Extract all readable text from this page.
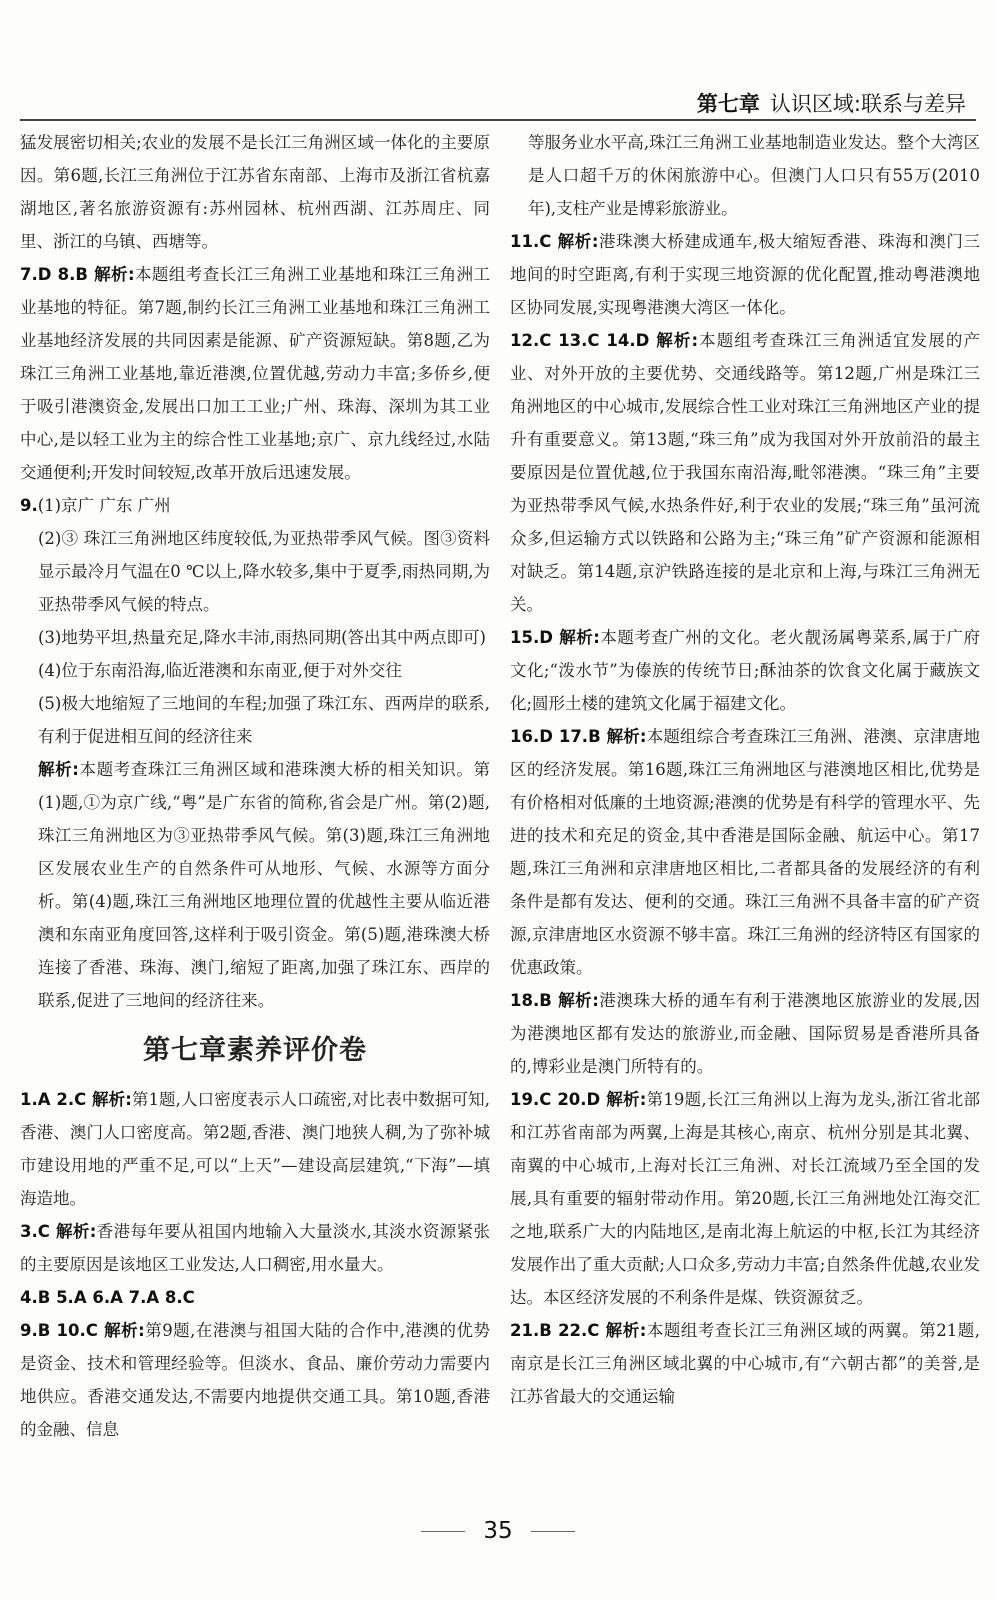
第七章 认识区域:联系与差异

猛发展密切相关;农业的发展不是长江三角洲区域一体化的主要原因。第6题,长江三角洲位于江苏省东南部、上海市及浙江省杭嘉湖地区,著名旅游资源有:苏州园林、杭州西湖、江苏周庄、同里、浙江的乌镇、西塘等。

7.D 8.B 解析:本题组考查长江三角洲工业基地和珠江三角洲工业基地的特征。第7题,制约长江三角洲工业基地和珠江三角洲工业基地经济发展的共同因素是能源、矿产资源短缺。第8题,乙为珠江三角洲工业基地,靠近港澳,位置优越,劳动力丰富;多侨乡,便于吸引港澳资金,发展出口加工工业;广州、珠海、深圳为其工业中心,是以轻工业为主的综合性工业基地;京广、京九线经过,水陆交通便利;开发时间较短,改革开放后迅速发展。

9.(1)京广 广东 广州

(2)③ 珠江三角洲地区纬度较低,为亚热带季风气候。图③资料显示最冷月气温在0 ℃以上,降水较多,集中于夏季,雨热同期,为亚热带季风气候的特点。

(3)地势平坦,热量充足,降水丰沛,雨热同期(答出其中两点即可)

(4)位于东南沿海,临近港澳和东南亚,便于对外交往

(5)极大地缩短了三地间的车程;加强了珠江东、西两岸的联系,有利于促进相互间的经济往来

解析:本题考查珠江三角洲区域和港珠澳大桥的相关知识。第(1)题,①为京广线,“粤”是广东省的简称,省会是广州。第(2)题,珠江三角洲地区为③亚热带季风气候。第(3)题,珠江三角洲地区发展农业生产的自然条件可从地形、气候、水源等方面分析。第(4)题,珠江三角洲地区地理位置的优越性主要从临近港澳和东南亚角度回答,这样利于吸引资金。第(5)题,港珠澳大桥连接了香港、珠海、澳门,缩短了距离,加强了珠江东、西岸的联系,促进了三地间的经济往来。

第七章素养评价卷

1.A 2.C 解析:第1题,人口密度表示人口疏密,对比表中数据可知,香港、澳门人口密度高。第2题,香港、澳门地狭人稠,为了弥补城市建设用地的严重不足,可以“上天”—建设高层建筑,“下海”—填海造地。

3.C 解析:香港每年要从祖国内地输入大量淡水,其淡水资源紧张的主要原因是该地区工业发达,人口稠密,用水量大。

4.B 5.A 6.A 7.A 8.C

9.B 10.C 解析:第9题,在港澳与祖国大陆的合作中,港澳的优势是资金、技术和管理经验等。但淡水、食品、廉价劳动力需要内地供应。香港交通发达,不需要内地提供交通工具。第10题,香港的金融、信息

等服务业水平高,珠江三角洲工业基地制造业发达。整个大湾区是人口超千万的休闲旅游中心。但澳门人口只有55万(2010年),支柱产业是博彩旅游业。

11.C 解析:港珠澳大桥建成通车,极大缩短香港、珠海和澳门三地间的时空距离,有利于实现三地资源的优化配置,推动粤港澳地区协同发展,实现粤港澳大湾区一体化。

12.C 13.C 14.D 解析:本题组考查珠江三角洲适宜发展的产业、对外开放的主要优势、交通线路等。第12题,广州是珠江三角洲地区的中心城市,发展综合性工业对珠江三角洲地区产业的提升有重要意义。第13题,“珠三角”成为我国对外开放前沿的最主要原因是位置优越,位于我国东南沿海,毗邻港澳。“珠三角”主要为亚热带季风气候,水热条件好,利于农业的发展;“珠三角”虽河流众多,但运输方式以铁路和公路为主;“珠三角”矿产资源和能源相对缺乏。第14题,京沪铁路连接的是北京和上海,与珠江三角洲无关。

15.D 解析:本题考查广州的文化。老火靓汤属粤菜系,属于广府文化;“泼水节”为傣族的传统节日;酥油茶的饮食文化属于藏族文化;圆形土楼的建筑文化属于福建文化。

16.D 17.B 解析:本题组综合考查珠江三角洲、港澳、京津唐地区的经济发展。第16题,珠江三角洲地区与港澳地区相比,优势是有价格相对低廉的土地资源;港澳的优势是有科学的管理水平、先进的技术和充足的资金,其中香港是国际金融、航运中心。第17题,珠江三角洲和京津唐地区相比,二者都具备的发展经济的有利条件是都有发达、便利的交通。珠江三角洲不具备丰富的矿产资源,京津唐地区水资源不够丰富。珠江三角洲的经济特区有国家的优惠政策。

18.B 解析:港澳珠大桥的通车有利于港澳地区旅游业的发展,因为港澳地区都有发达的旅游业,而金融、国际贸易是香港所具备的,博彩业是澳门所特有的。

19.C 20.D 解析:第19题,长江三角洲以上海为龙头,浙江省北部和江苏省南部为两翼,上海是其核心,南京、杭州分别是其北翼、南翼的中心城市,上海对长江三角洲、对长江流域乃至全国的发展,具有重要的辐射带动作用。第20题,长江三角洲地处江海交汇之地,联系广大的内陆地区,是南北海上航运的中枢,长江为其经济发展作出了重大贡献;人口众多,劳动力丰富;自然条件优越,农业发达。本区经济发展的不利条件是煤、铁资源贫乏。

21.B 22.C 解析:本题组考查长江三角洲区域的两翼。第21题,南京是长江三角洲区域北翼的中心城市,有“六朝古都”的美誉,是江苏省最大的交通运输

35
